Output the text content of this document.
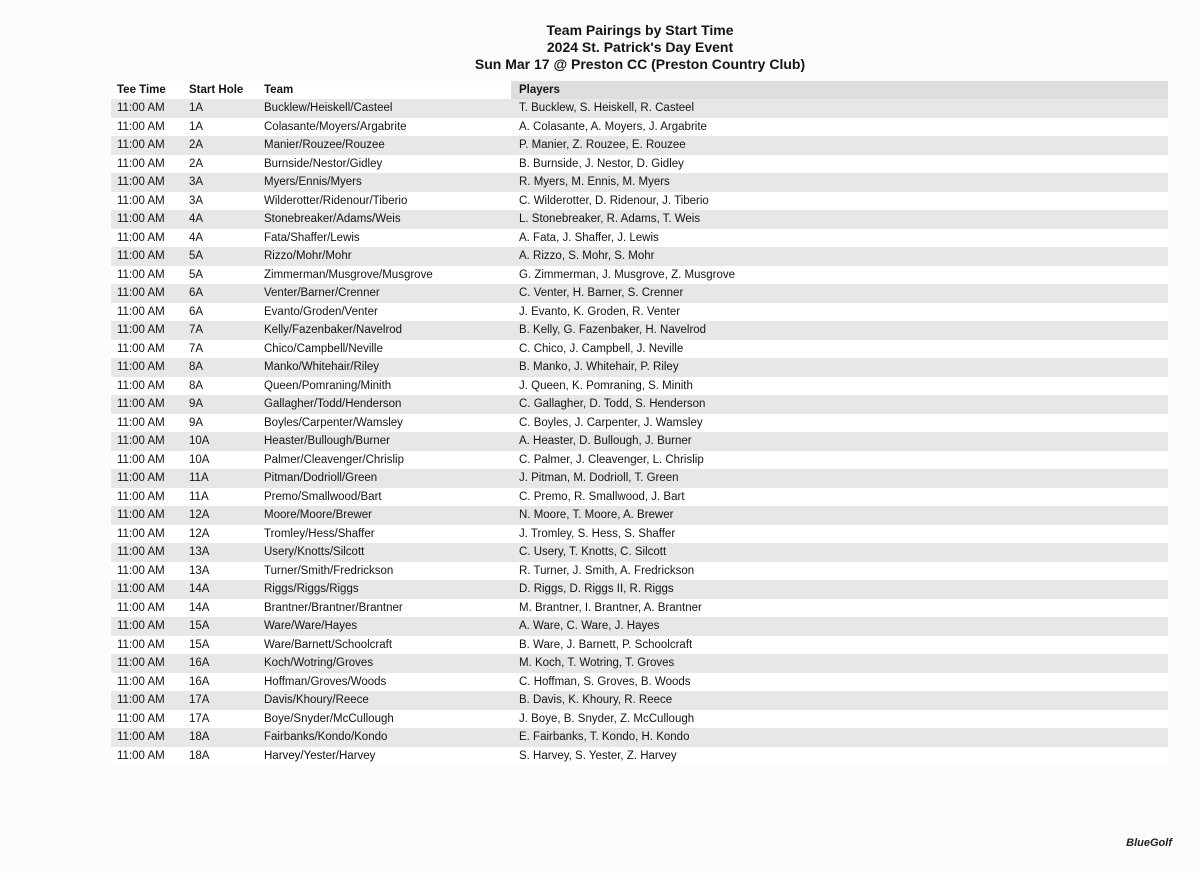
Team Pairings by Start Time
2024 St. Patrick's Day Event
Sun Mar 17 @ Preston CC (Preston Country Club)
Tee Time	Start Hole	Team	Players
11:00 AM	1A	Bucklew/Heiskell/Casteel	T. Bucklew, S. Heiskell, R. Casteel
11:00 AM	1A	Colasante/Moyers/Argabrite	A. Colasante, A. Moyers, J. Argabrite
11:00 AM	2A	Manier/Rouzee/Rouzee	P. Manier, Z. Rouzee, E. Rouzee
11:00 AM	2A	Burnside/Nestor/Gidley	B. Burnside, J. Nestor, D. Gidley
11:00 AM	3A	Myers/Ennis/Myers	R. Myers, M. Ennis, M. Myers
11:00 AM	3A	Wilderotter/Ridenour/Tiberio	C. Wilderotter, D. Ridenour, J. Tiberio
11:00 AM	4A	Stonebreaker/Adams/Weis	L. Stonebreaker, R. Adams, T. Weis
11:00 AM	4A	Fata/Shaffer/Lewis	A. Fata, J. Shaffer, J. Lewis
11:00 AM	5A	Rizzo/Mohr/Mohr	A. Rizzo, S. Mohr, S. Mohr
11:00 AM	5A	Zimmerman/Musgrove/Musgrove	G. Zimmerman, J. Musgrove, Z. Musgrove
11:00 AM	6A	Venter/Barner/Crenner	C. Venter, H. Barner, S. Crenner
11:00 AM	6A	Evanto/Groden/Venter	J. Evanto, K. Groden, R. Venter
11:00 AM	7A	Kelly/Fazenbaker/Navelrod	B. Kelly, G. Fazenbaker, H. Navelrod
11:00 AM	7A	Chico/Campbell/Neville	C. Chico, J. Campbell, J. Neville
11:00 AM	8A	Manko/Whitehair/Riley	B. Manko, J. Whitehair, P. Riley
11:00 AM	8A	Queen/Pomraning/Minith	J. Queen, K. Pomraning, S. Minith
11:00 AM	9A	Gallagher/Todd/Henderson	C. Gallagher, D. Todd, S. Henderson
11:00 AM	9A	Boyles/Carpenter/Wamsley	C. Boyles, J. Carpenter, J. Wamsley
11:00 AM	10A	Heaster/Bullough/Burner	A. Heaster, D. Bullough, J. Burner
11:00 AM	10A	Palmer/Cleavenger/Chrislip	C. Palmer, J. Cleavenger, L. Chrislip
11:00 AM	11A	Pitman/Dodrioll/Green	J. Pitman, M. Dodrioll, T. Green
11:00 AM	11A	Premo/Smallwood/Bart	C. Premo, R. Smallwood, J. Bart
11:00 AM	12A	Moore/Moore/Brewer	N. Moore, T. Moore, A. Brewer
11:00 AM	12A	Tromley/Hess/Shaffer	J. Tromley, S. Hess, S. Shaffer
11:00 AM	13A	Usery/Knotts/Silcott	C. Usery, T. Knotts, C. Silcott
11:00 AM	13A	Turner/Smith/Fredrickson	R. Turner, J. Smith, A. Fredrickson
11:00 AM	14A	Riggs/Riggs/Riggs	D. Riggs, D. Riggs II, R. Riggs
11:00 AM	14A	Brantner/Brantner/Brantner	M. Brantner, I. Brantner, A. Brantner
11:00 AM	15A	Ware/Ware/Hayes	A. Ware, C. Ware, J. Hayes
11:00 AM	15A	Ware/Barnett/Schoolcraft	B. Ware, J. Barnett, P. Schoolcraft
11:00 AM	16A	Koch/Wotring/Groves	M. Koch, T. Wotring, T. Groves
11:00 AM	16A	Hoffman/Groves/Woods	C. Hoffman, S. Groves, B. Woods
11:00 AM	17A	Davis/Khoury/Reece	B. Davis, K. Khoury, R. Reece
11:00 AM	17A	Boye/Snyder/McCullough	J. Boye, B. Snyder, Z. McCullough
11:00 AM	18A	Fairbanks/Kondo/Kondo	E. Fairbanks, T. Kondo, H. Kondo
11:00 AM	18A	Harvey/Yester/Harvey	S. Harvey, S. Yester, Z. Harvey
BlueGolf
